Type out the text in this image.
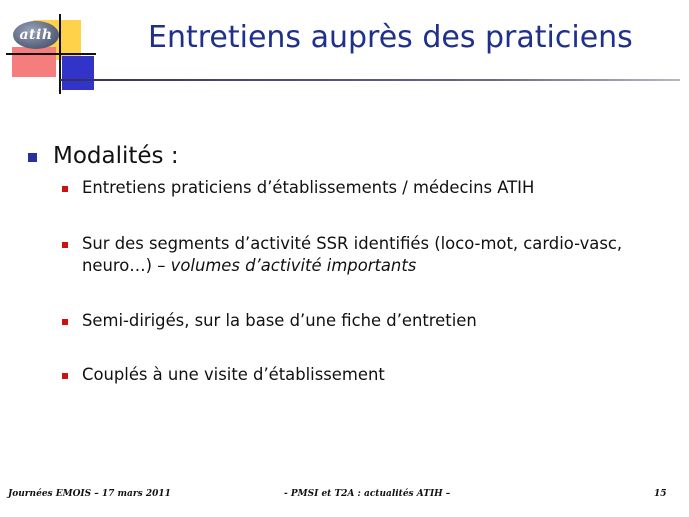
atih	Entretiens auprès des praticiens
Modalités :
Entretiens praticiens d’établissements / médecins ATIH
Sur des segments d’activité SSR identifiés (loco-mot, cardio-vasc, neuro…) – volumes d’activité importants
Semi-dirigés, sur la base d’une fiche d’entretien
Couplés à une visite d’établissement
Journées EMOIS – 17 mars 2011	- PMSI et T2A : actualités ATIH –	15
